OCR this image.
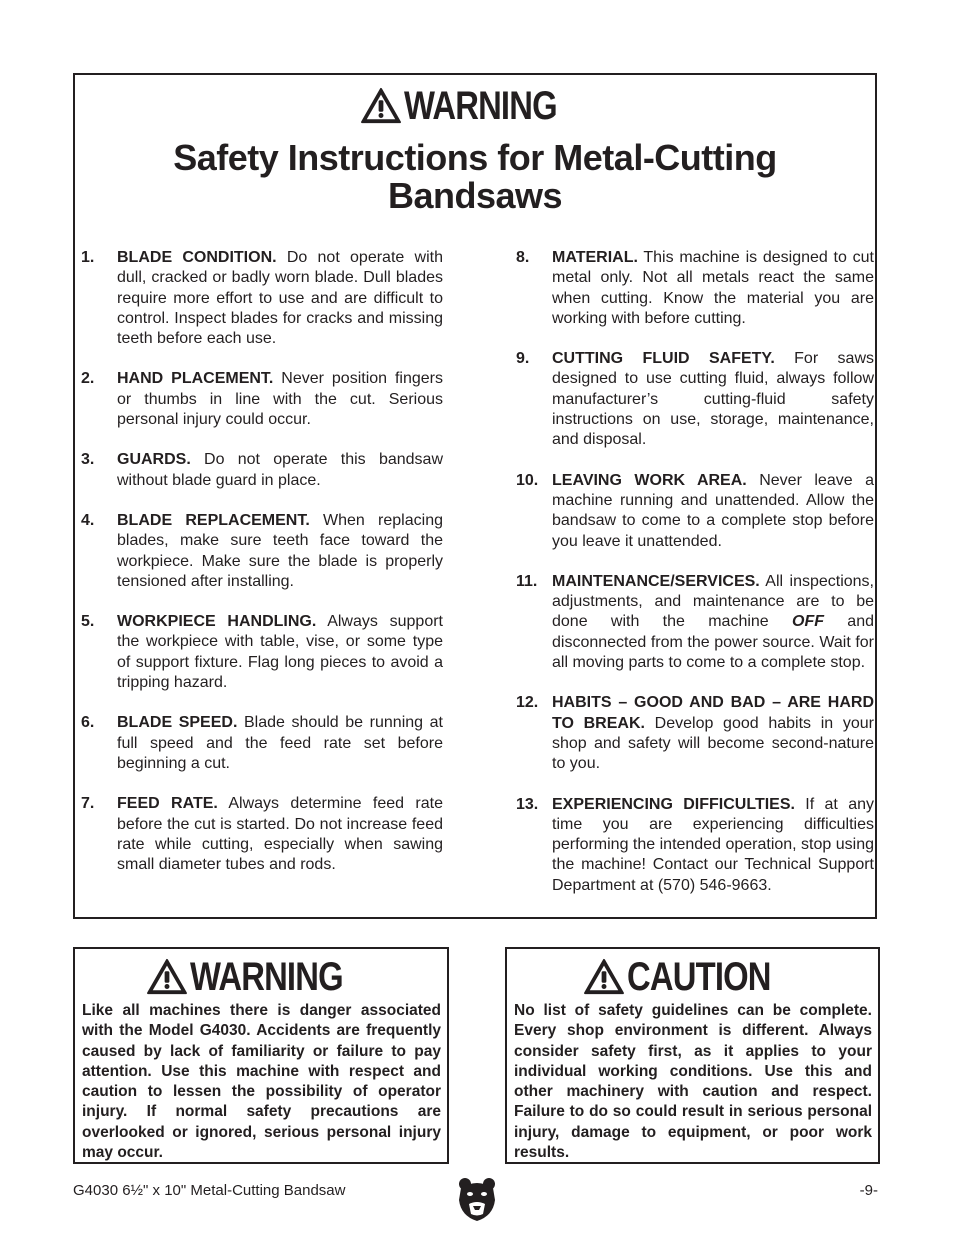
WARNING
Safety Instructions for Metal-Cutting
Bandsaws
1.	BLADE CONDITION. Do not operate with dull, cracked or badly worn blade. Dull blades require more effort to use and are difficult to control. Inspect blades for cracks and missing teeth before each use.
2.	HAND PLACEMENT. Never position fingers or thumbs in line with the cut. Serious personal injury could occur.
3.	GUARDS. Do not operate this bandsaw without blade guard in place.
4.	BLADE REPLACEMENT. When replacing blades, make sure teeth face toward the workpiece. Make sure the blade is properly tensioned after installing.
5.	WORKPIECE HANDLING. Always support the workpiece with table, vise, or some type of support fixture. Flag long pieces to avoid a tripping hazard.
6.	BLADE SPEED. Blade should be running at full speed and the feed rate set before beginning a cut.
7.	FEED RATE. Always determine feed rate before the cut is started. Do not increase feed rate while cutting, especially when sawing small diameter tubes and rods.
8.	MATERIAL. This machine is designed to cut metal only. Not all metals react the same when cutting. Know the material you are working with before cutting.
9.	CUTTING FLUID SAFETY. For saws designed to use cutting fluid, always follow manufacturer’s cutting-fluid safety instructions on use, storage, maintenance, and disposal.
10. LEAVING WORK AREA. Never leave a machine running and unattended. Allow the bandsaw to come to a complete stop before you leave it unattended.
11. MAINTENANCE/SERVICES. All inspections, adjustments, and maintenance are to be done with the machine OFF and disconnected from the power source. Wait for all moving parts to come to a complete stop.
12. HABITS – GOOD AND BAD – ARE HARD TO BREAK. Develop good habits in your shop and safety will become second-nature to you.
13. EXPERIENCING DIFFICULTIES. If at any time you are experiencing difficulties performing the intended operation, stop using the machine! Contact our Technical Support Department at (570) 546-9663.
WARNING
Like all machines there is danger associated with the Model G4030. Accidents are frequently caused by lack of familiarity or failure to pay attention. Use this machine with respect and caution to lessen the possibility of operator injury. If normal safety precautions are overlooked or ignored, serious personal injury may occur.
CAUTION
No list of safety guidelines can be complete. Every shop environment is different. Always consider safety first, as it applies to your individual working conditions. Use this and other machinery with caution and respect. Failure to do so could result in serious personal injury, damage to equipment, or poor work results.
G4030 6½" x 10" Metal-Cutting Bandsaw	-9-
